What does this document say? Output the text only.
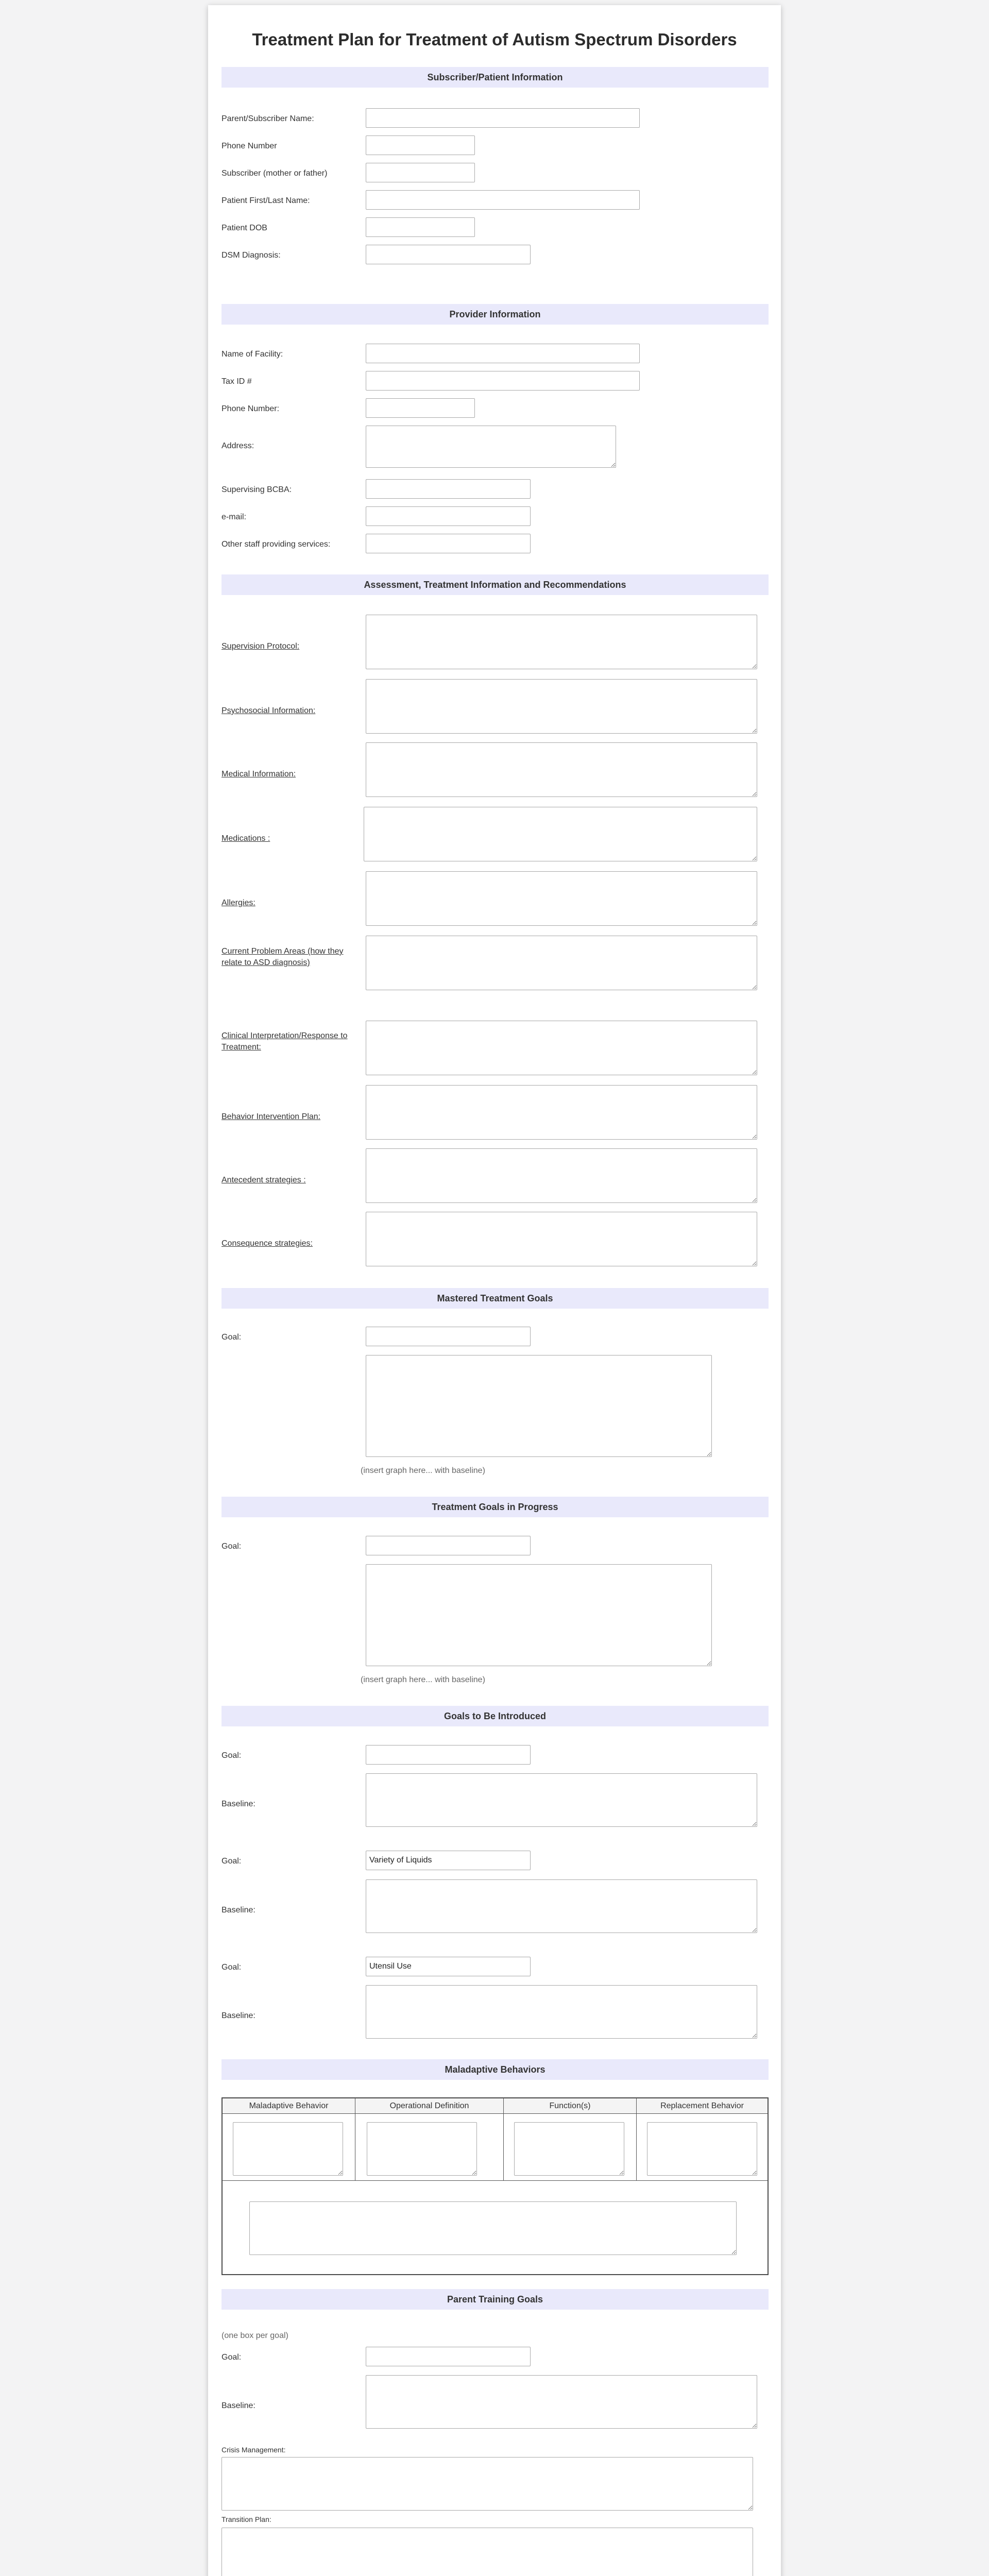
Treatment Plan for Treatment of Autism Spectrum Disorders
Subscriber/Patient Information
Parent/Subscriber Name:
Phone Number
Subscriber (mother or father)
Patient First/Last Name:
Patient DOB
DSM Diagnosis:
Provider Information
Name of Facility:
Tax ID #
Phone Number:
Address:
Supervising BCBA:
e-mail:
Other staff providing services:
Assessment, Treatment Information and Recommendations
Supervision Protocol:
Psychosocial Information:
Medical Information:
Medications :
Allergies:
Current Problem Areas (how they relate to ASD diagnosis)
Clinical Interpretation/Response to Treatment:
Behavior Intervention Plan:
Antecedent strategies :
Consequence strategies:
Mastered Treatment Goals
Goal:
(insert graph here... with baseline)
Treatment Goals in Progress
Goal:
(insert graph here... with baseline)
Goals to Be Introduced
Goal:
Baseline:
Goal:
Variety of Liquids
Baseline:
Goal:
Utensil Use
Baseline:
Maladaptive Behaviors
Maladaptive Behavior	Operational Definition	Function(s)	Replacement Behavior
Parent Training Goals
(one box per goal)
Goal:
Baseline:
Crisis Management:
Transition Plan:
